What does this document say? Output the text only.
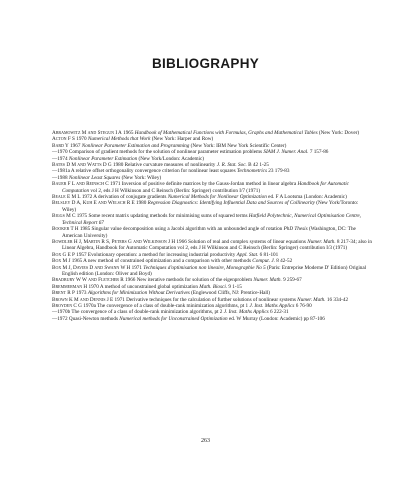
BIBLIOGRAPHY

Abramowitz M and Stegun I A 1965 Handbook of Mathematical Functions with Formulas, Graphs and Mathematical Tables (New York: Dover)

Acton F S 1970 Numerical Methods that Work (New York: Harper and Row)

Bard Y 1967 Nonlinear Parameter Estimation and Programming (New York: IBM New York Scientific Center)

—1970 Comparison of gradient methods for the solution of nonlinear parameter estimation problems SIAM J. Numer. Anal. 7 157-86

—1974 Nonlinear Parameter Estimation (New York/London: Academic)

Bates D M and Watts D G 1980 Relative curvature measures of nonlinearity J. R. Stat. Soc. B 42 1-25

—1981a A relative offset orthogonality convergence criterion for nonlinear least squares Technometrics 23 179-83

—1988 Nonlinear Least Squares (New York: Wiley)

Bauer F L and Reinsch C 1971 Inversion of positive definite matrices by the Gauss-Jordan method in linear algebra Handbook for Automatic Computation vol 2, eds J H Wilkinson and C Reinsch (Berlin: Springer) contribution I/7 (1971)

Beale E M L 1972 A derivation of conjugate gradients Numerical Methods for Nonlinear Optimization ed. F A Lootsma (London: Academic)

Belsley D A, Kuh E and Welsch R E 1980 Regression Diagnostics: Identifying Influential Data and Sources of Collinearity (New York/Toronto: Wiley)

Biggs M C 1975 Some recent matrix updating methods for minimising sums of squared terms Hatfield Polytechnic, Numerical Optimisation Centre, Technical Report 67

Booker T H 1985 Singular value decomposition using a Jacobi algorithm with an unbounded angle of rotation PhD Thesis (Washington, DC: The American University)

Bowdler H J, Martin R S, Peters G and Wilkinson J H 1966 Solution of real and complex systems of linear equations Numer. Math. 8 217-34; also in Linear Algebra, Handbook for Automatic Computation vol 2, eds J H Wilkinson and C Reinsch (Berlin: Springer) contribution I/3 (1971)

Box G E P 1957 Evolutionary operation: a method for increasing industrial productivity Appl. Stat. 6 81-101

Box M J 1965 A new method of constrained optimization and a comparison with other methods Comput. J. 8 42-52

Box M J, Davies D and Swann W H 1971 Techniques d'optimisation non lineaire, Monographie No 5 (Paris: Entreprise Moderne D' Edition) Original English edition (London: Oliver and Boyd)

Bradbury W W and Fletcher R 1966 New iterative methods for solution of the eigenproblem Numer. Math. 9 259-67

Bremmerman H 1970 A method of unconstrained global optimization Math. Biosci. 9 1-15

Brent R P 1973 Algorithms for Minimization Without Derivatives (Englewood Cliffs, NJ: Prentice-Hall)

Brown K M and Dennis J E 1971 Derivative techniques for the calculation of further solutions of nonlinear systems Numer. Math. 16 334-42

Broyden C G 1970a The convergence of a class of double-rank minimization algorithms, pt 1 J. Inst. Maths Applics 6 76-90

—1970b The convergence of a class of double-rank minimization algorithms, pt 2 J. Inst. Maths Applics 6 222-31

—1972 Quasi-Newton methods Numerical methods for Unconstrained Optimization ed. W Murray (London: Academic) pp 87-106

263
